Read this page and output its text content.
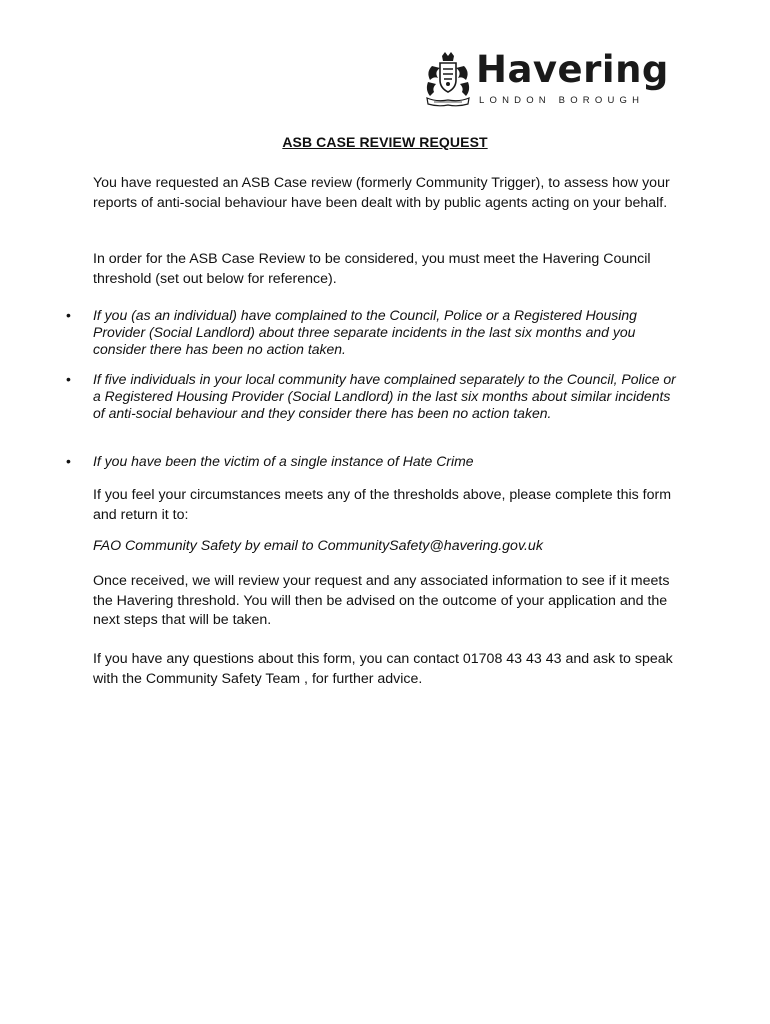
Havering
LONDON BOROUGH
ASB CASE REVIEW REQUEST

You have requested an ASB Case review (formerly Community Trigger), to assess how your reports of anti-social behaviour have been dealt with by public agents acting on your behalf.

In order for the ASB Case Review to be considered, you must meet the Havering Council threshold (set out below for reference).

• If you (as an individual) have complained to the Council, Police or a Registered Housing Provider (Social Landlord) about three separate incidents in the last six months and you consider there has been no action taken.
• If five individuals in your local community have complained separately to the Council, Police or a Registered Housing Provider (Social Landlord) in the last six months about similar incidents of anti-social behaviour and they consider there has been no action taken.
• If you have been the victim of a single instance of Hate Crime

If you feel your circumstances meets any of the thresholds above, please complete this form and return it to:

FAO Community Safety by email to CommunitySafety@havering.gov.uk

Once received, we will review your request and any associated information to see if it meets the Havering threshold. You will then be advised on the outcome of your application and the next steps that will be taken.

If you have any questions about this form, you can contact 01708 43 43 43 and ask to speak with the Community Safety Team , for further advice.
